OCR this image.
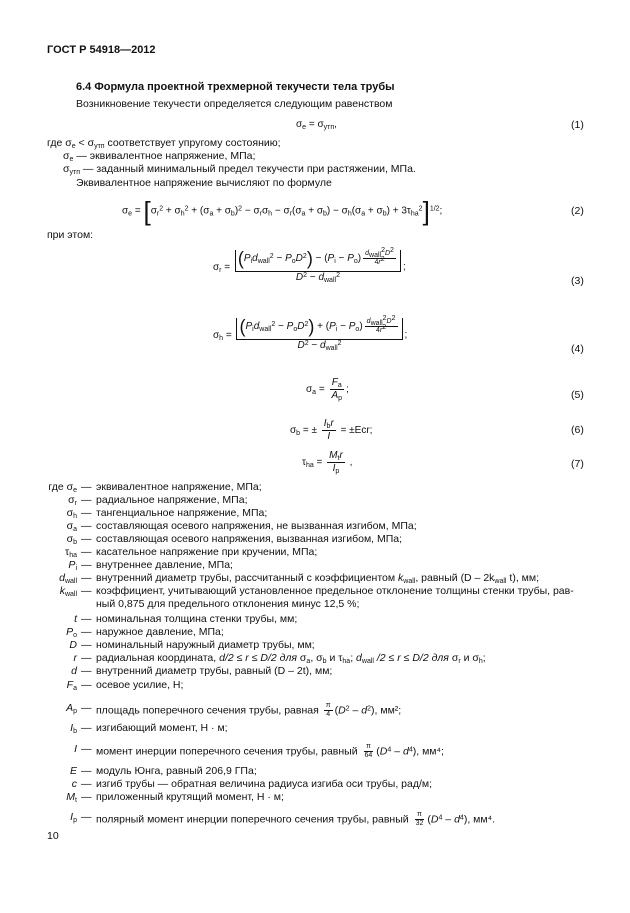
ГОСТ Р 54918—2012
6.4 Формула проектной трехмерной текучести тела трубы
Возникновение текучести определяется следующим равенством
$\sigma_e = \sigma_{утп}$,	(1)
где $\sigma_e < \sigma_{утп}$ соответствует упругому состоянию;
$\sigma_e$ — эквивалентное напряжение, МПа;
$\sigma_{утп}$ — заданный минимальный предел текучести при растяжении, МПа.
Эквивалентное напряжение вычисляют по формуле
$\sigma_e = [\sigma_r^2 + \sigma_h^2 + (\sigma_a + \sigma_b)^2 - \sigma_r\sigma_h - \sigma_r(\sigma_a + \sigma_b) - \sigma_h(\sigma_a + \sigma_b) + 3\tau_{ha}^2]^{1/2}$;	(2)
при этом:
$\sigma_r = \frac{(P_id_{wall}^2 - P_oD^2) - (P_i - P_o) \frac{d_{wall}^2D^2}{4r^2}}{D^2 - d_{wall}^2}$ ;
(3)
$\sigma_h = \frac{(P_id_{wall}^2 - P_oD^2) + (P_i - P_o) \frac{d_{wall}^2D^2}{4r^2}}{D^2 - d_{wall}^2}$ ;
(4)
$\sigma_a = \frac{F_a}{A_p}$ ;	(5)
$\sigma_b$ = ± $\frac{I_br}{I} = \pm Ecr$;	(6)
$\tau_{ha} = \frac{M_tr}{I_p}$ ,	(7)
где $\sigma_e$ — эквивалентное напряжение, МПа;
$\sigma_r$ — радиальное напряжение, МПа;
$\sigma_h$ — тангенциальное напряжение, МПа;
$\sigma_a$ — составляющая осевого напряжения, не вызванная изгибом, МПа;
$\sigma_b$ — составляющая осевого напряжения, вызванная изгибом, МПа;
$\tau_{ha}$ — касательное напряжение при кручении, МПа;
$P_i$ — внутреннее давление, МПа;
$d_{wall}$ — внутренний диаметр трубы, рассчитанный с коэффициентом $k_{wall}$, равный ($D - 2k_{wall}$ t), мм;
$k_{wall}$ — коэффициент, учитывающий установленное предельное отклонение толщины стенки трубы, рав-
ный 0,875 для предельного отклонения минус 12,5 %;
t — номинальная толщина стенки трубы, мм;
$P_o$ — наружное давление, МПа;
D — номинальный наружный диаметр трубы, мм;
r — радиальная координата, d/2 ≤ r ≤ D/2 для $\sigma_a$, $\sigma_b$ и $\tau_{ha}$; $d_{wall}$ /2 ≤ r ≤ D/2 для $\sigma_r$ и $\sigma_h$;
d — внутренний диаметр трубы, равный (D – 2t), мм;
$F_a$ — осевое усилие, Н;
$A_p$ — площадь поперечного сечения трубы, равная $\frac{\pi}{4} (D^2 - d^2)$, мм²;
$I_b$ — изгибающий момент, Н · м;
I — момент инерции поперечного сечения трубы, равный $\frac{\pi}{64} (D^4 - d^4)$, мм⁴;
E — модуль Юнга, равный 206,9 ГПа;
c — изгиб трубы — обратная величина радиуса изгиба оси трубы, рад/м;
$M_t$ — приложенный крутящий момент, Н · м;
$I_p$ — полярный момент инерции поперечного сечения трубы, равный $\frac{\pi}{32} (D^4 - d^4)$, мм⁴.
10
